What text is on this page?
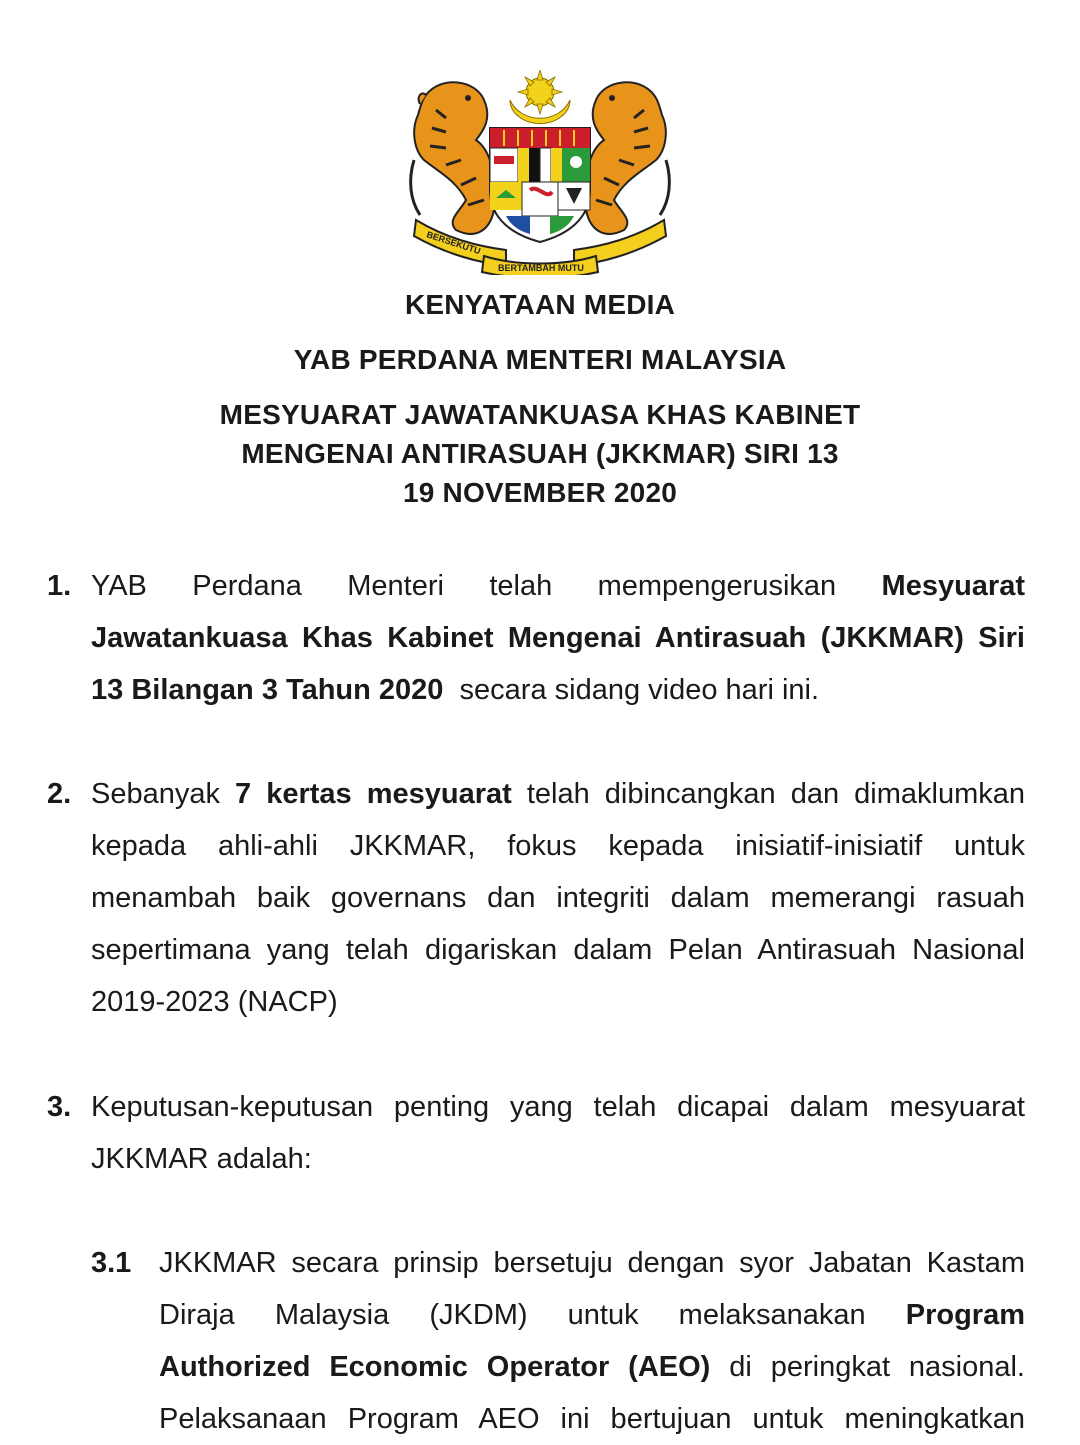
BERSEKUTU
BERTAMBAH MUTU
KENYATAAN MEDIA
YAB PERDANA MENTERI MALAYSIA
MESYUARAT JAWATANKUASA KHAS KABINET
MENGENAI ANTIRASUAH (JKKMAR) SIRI 13
19 NOVEMBER 2020
1. YAB Perdana Menteri telah mempengerusikan Mesyuarat
Jawatankuasa Khas Kabinet Mengenai Antirasuah (JKKMAR) Siri
13 Bilangan 3 Tahun 2020  secara sidang video hari ini.
2. Sebanyak 7 kertas mesyuarat telah dibincangkan dan dimaklumkan
kepada ahli-ahli JKKMAR, fokus kepada inisiatif-inisiatif untuk
menambah baik governans dan integriti dalam memerangi rasuah
sepertimana yang telah digariskan dalam Pelan Antirasuah Nasional
2019-2023 (NACP)
3. Keputusan-keputusan penting yang telah dicapai dalam mesyuarat
JKKMAR adalah:
3.1 JKKMAR secara prinsip bersetuju dengan syor Jabatan Kastam
Diraja Malaysia (JKDM) untuk melaksanakan Program
Authorized Economic Operator (AEO) di peringkat nasional.
Pelaksanaan Program AEO ini bertujuan untuk meningkatkan
